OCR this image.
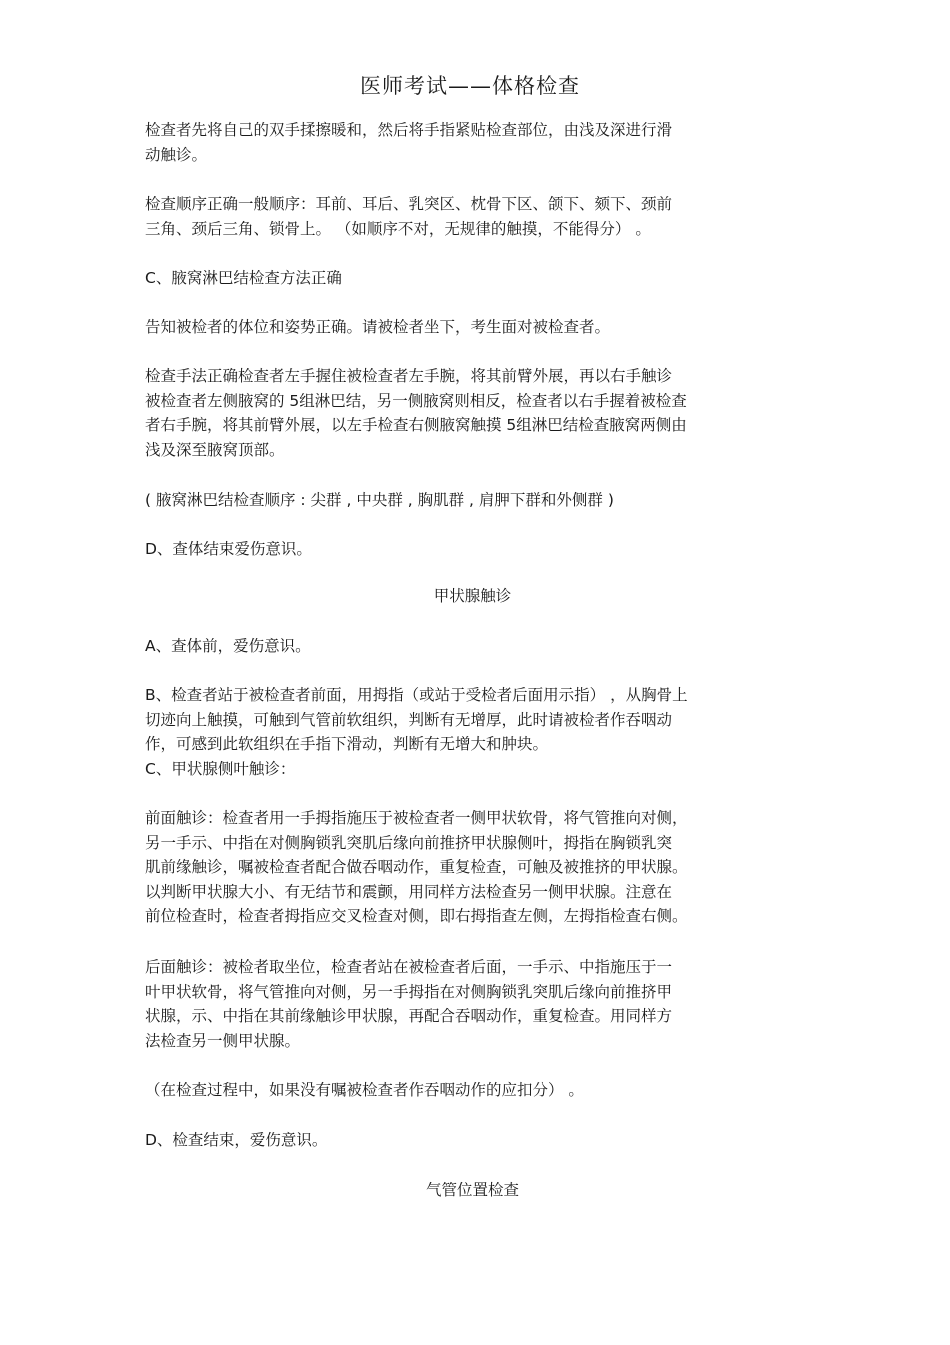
医师考试——体格检查
检查者先将自己的双手揉擦暖和，然后将手指紧贴检查部位，由浅及深进行滑
动触诊。
检查顺序正确一般顺序：耳前、耳后、乳突区、枕骨下区、颌下、颏下、颈前
三角、颈后三角、锁骨上。 （如顺序不对，无规律的触摸，不能得分） 。
C、腋窝淋巴结检查方法正确
告知被检者的体位和姿势正确。请被检者坐下，考生面对被检查者。
检查手法正确检查者左手握住被检查者左手腕，将其前臂外展，再以右手触诊
被检查者左侧腋窝的 5组淋巴结，另一侧腋窝则相反，检查者以右手握着被检查
者右手腕，将其前臂外展，以左手检查右侧腋窝触摸 5组淋巴结检查腋窝两侧由
浅及深至腋窝顶部。
( 腋窝淋巴结检查顺序 : 尖群 , 中央群 , 胸肌群 , 肩胛下群和外侧群 )
D、查体结束爱伤意识。
甲状腺触诊
A、查体前，爱伤意识。
B、检查者站于被检查者前面，用拇指（或站于受检者后面用示指） ，从胸骨上
切迹向上触摸，可触到气管前软组织，判断有无增厚，此时请被检者作吞咽动
作，可感到此软组织在手指下滑动，判断有无增大和肿块。
C、甲状腺侧叶触诊：
前面触诊：检查者用一手拇指施压于被检查者一侧甲状软骨，将气管推向对侧，
另一手示、中指在对侧胸锁乳突肌后缘向前推挤甲状腺侧叶，拇指在胸锁乳突
肌前缘触诊，嘱被检查者配合做吞咽动作，重复检查，可触及被推挤的甲状腺。
以判断甲状腺大小、有无结节和震颤，用同样方法检查另一侧甲状腺。注意在
前位检查时，检查者拇指应交叉检查对侧，即右拇指查左侧，左拇指检查右侧。
后面触诊：被检者取坐位，检查者站在被检查者后面，一手示、中指施压于一
叶甲状软骨，将气管推向对侧，另一手拇指在对侧胸锁乳突肌后缘向前推挤甲
状腺，示、中指在其前缘触诊甲状腺，再配合吞咽动作，重复检查。用同样方
法检查另一侧甲状腺。
（在检查过程中，如果没有嘱被检查者作吞咽动作的应扣分） 。
D、检查结束，爱伤意识。
气管位置检查
